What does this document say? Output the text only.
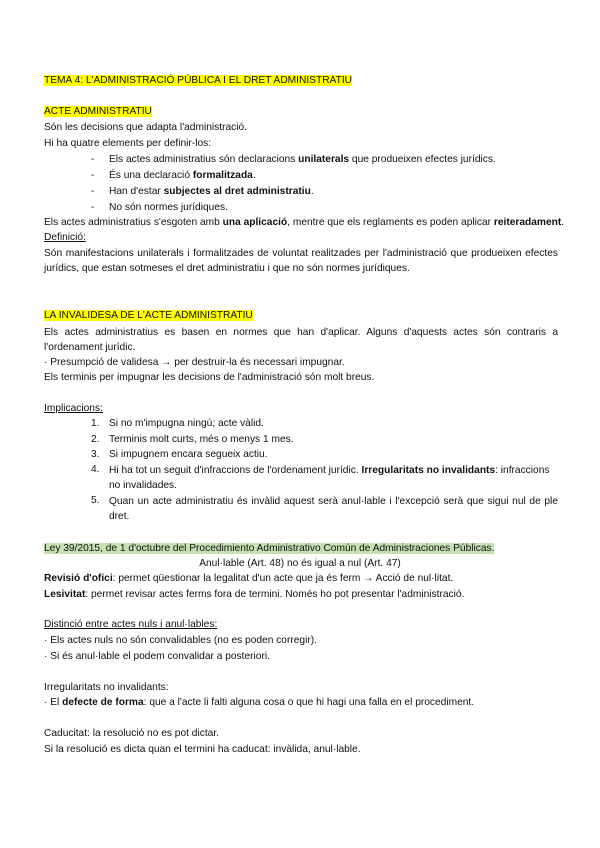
TEMA 4: L'ADMINISTRACIÓ PÚBLICA I EL DRET ADMINISTRATIU
ACTE ADMINISTRATIU
Són les decisions que adapta l'administració.
Hi ha quatre elements per definir-los:
- Els actes administratius són declaracions unilaterals que produeixen efectes jurídics.
- És una declaració formalitzada.
- Han d'estar subjectes al dret administratiu.
- No són normes jurídiques.
Els actes administratius s'esgoten amb una aplicació, mentre que els reglaments es poden aplicar reiteradament.
Definició:
Són manifestacions unilaterals i formalitzades de voluntat realitzades per l'administració que produeixen efectes jurídics, que estan sotmeses el dret administratiu i que no són normes jurídiques.
LA INVALIDESA DE L'ACTE ADMINISTRATIU
Els actes administratius es basen en normes que han d'aplicar. Alguns d'aquests actes són contraris a l'ordenament jurídic.
· Presumpció de validesa → per destruir-la és necessari impugnar.
Els terminis per impugnar les decisions de l'administració són molt breus.
Implicacions:
1. Si no m'impugna ningú; acte vàlid.
2. Terminis molt curts, més o menys 1 mes.
3. Si impugnem encara segueix actiu.
4. Hi ha tot un seguit d'infraccions de l'ordenament jurídic. Irregularitats no invalidants: infraccions no invalidades.
5. Quan un acte administratiu és invàlid aquest serà anul·lable i l'excepció serà que sigui nul de ple dret.
Ley 39/2015, de 1 d'octubre del Procedimiento Administrativo Común de Administraciones Públicas.
Anul·lable (Art. 48) no és igual a nul (Art. 47)
Revisió d'ofici: permet qüestionar la legalitat d'un acte que ja és ferm → Acció de nul·litat.
Lesivitat: permet revisar actes ferms fora de termini. Només ho pot presentar l'administració.
Distinció entre actes nuls i anul·lables:
· Els actes nuls no són convalidables (no es poden corregir).
· Si és anul·lable el podem convalidar a posteriori.
Irregularitats no invalidants:
· El defecte de forma: que a l'acte li falti alguna cosa o que hi hagi una falla en el procediment.
Caducitat: la resolució no es pot dictar.
Si la resolució es dicta quan el termini ha caducat: invàlida, anul·lable.
